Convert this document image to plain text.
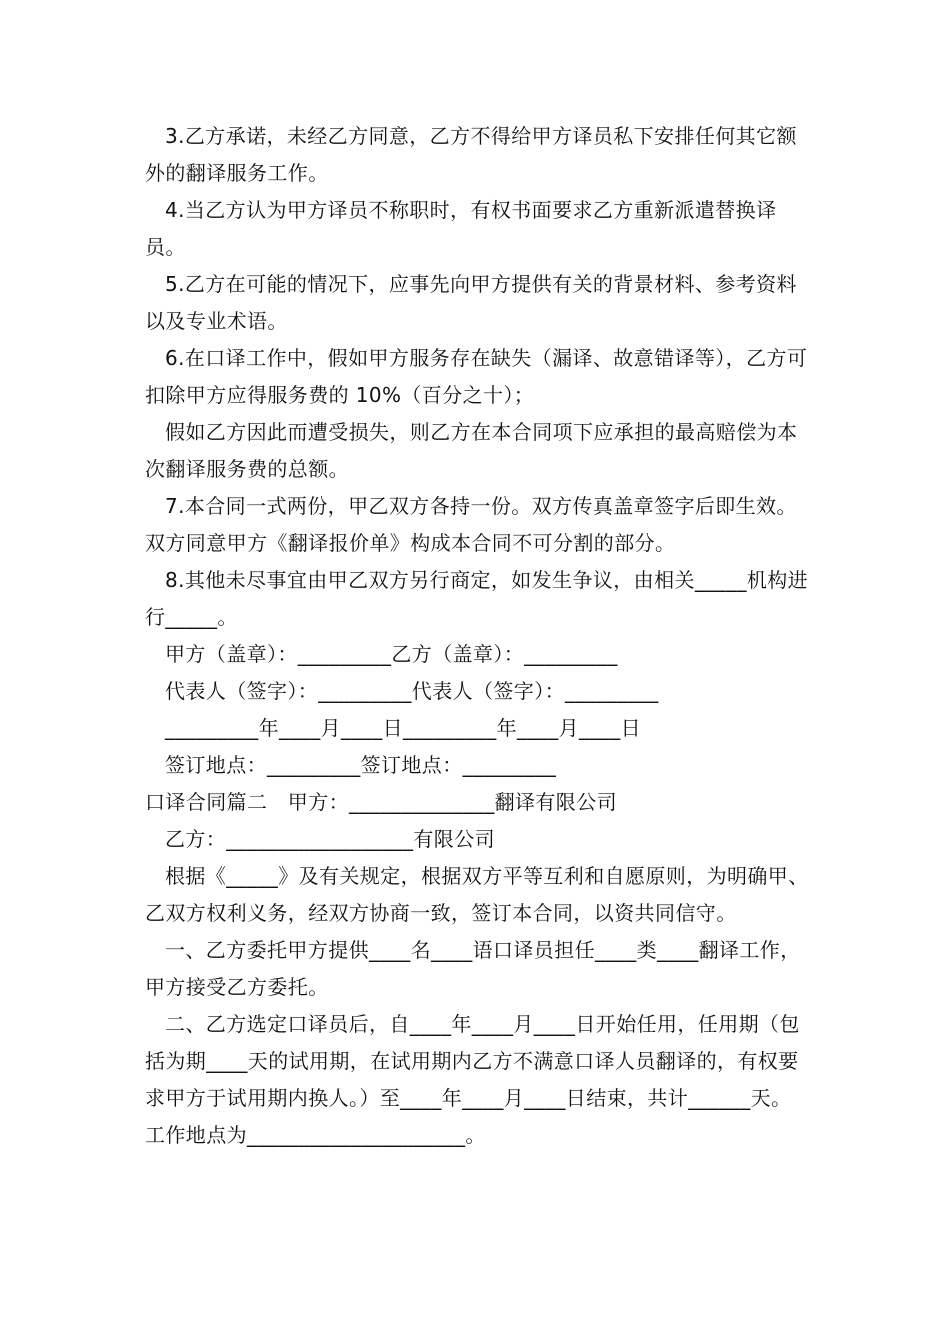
3.乙方承诺，未经乙方同意，乙方不得给甲方译员私下安排任何其它额外的翻译服务工作。

4.当乙方认为甲方译员不称职时，有权书面要求乙方重新派遣替换译员。

5.乙方在可能的情况下，应事先向甲方提供有关的背景材料、参考资料以及专业术语。

6.在口译工作中，假如甲方服务存在缺失（漏译、故意错译等），乙方可扣除甲方应得服务费的 10%（百分之十）；

假如乙方因此而遭受损失，则乙方在本合同项下应承担的最高赔偿为本次翻译服务费的总额。

7.本合同一式两份，甲乙双方各持一份。双方传真盖章签字后即生效。双方同意甲方《翻译报价单》构成本合同不可分割的部分。

8.其他未尽事宜由甲乙双方另行商定，如发生争议，由相关_____机构进行_____。

甲方（盖章）：_________乙方（盖章）：_________

代表人（签字）：_________代表人（签字）：_________

_________年____月____日_________年____月____日

签订地点：_________签订地点：_________

口译合同篇二　甲方：______________翻译有限公司

乙方：__________________有限公司

根据《_____》及有关规定，根据双方平等互利和自愿原则，为明确甲、乙双方权利义务，经双方协商一致，签订本合同，以资共同信守。

一、乙方委托甲方提供____名____语口译员担任____类____翻译工作，甲方接受乙方委托。

二、乙方选定口译员后，自____年____月____日开始任用，任用期（包括为期____天的试用期，在试用期内乙方不满意口译人员翻译的，有权要求甲方于试用期内换人。）至____年____月____日结束，共计______天。工作地点为_____________________。
